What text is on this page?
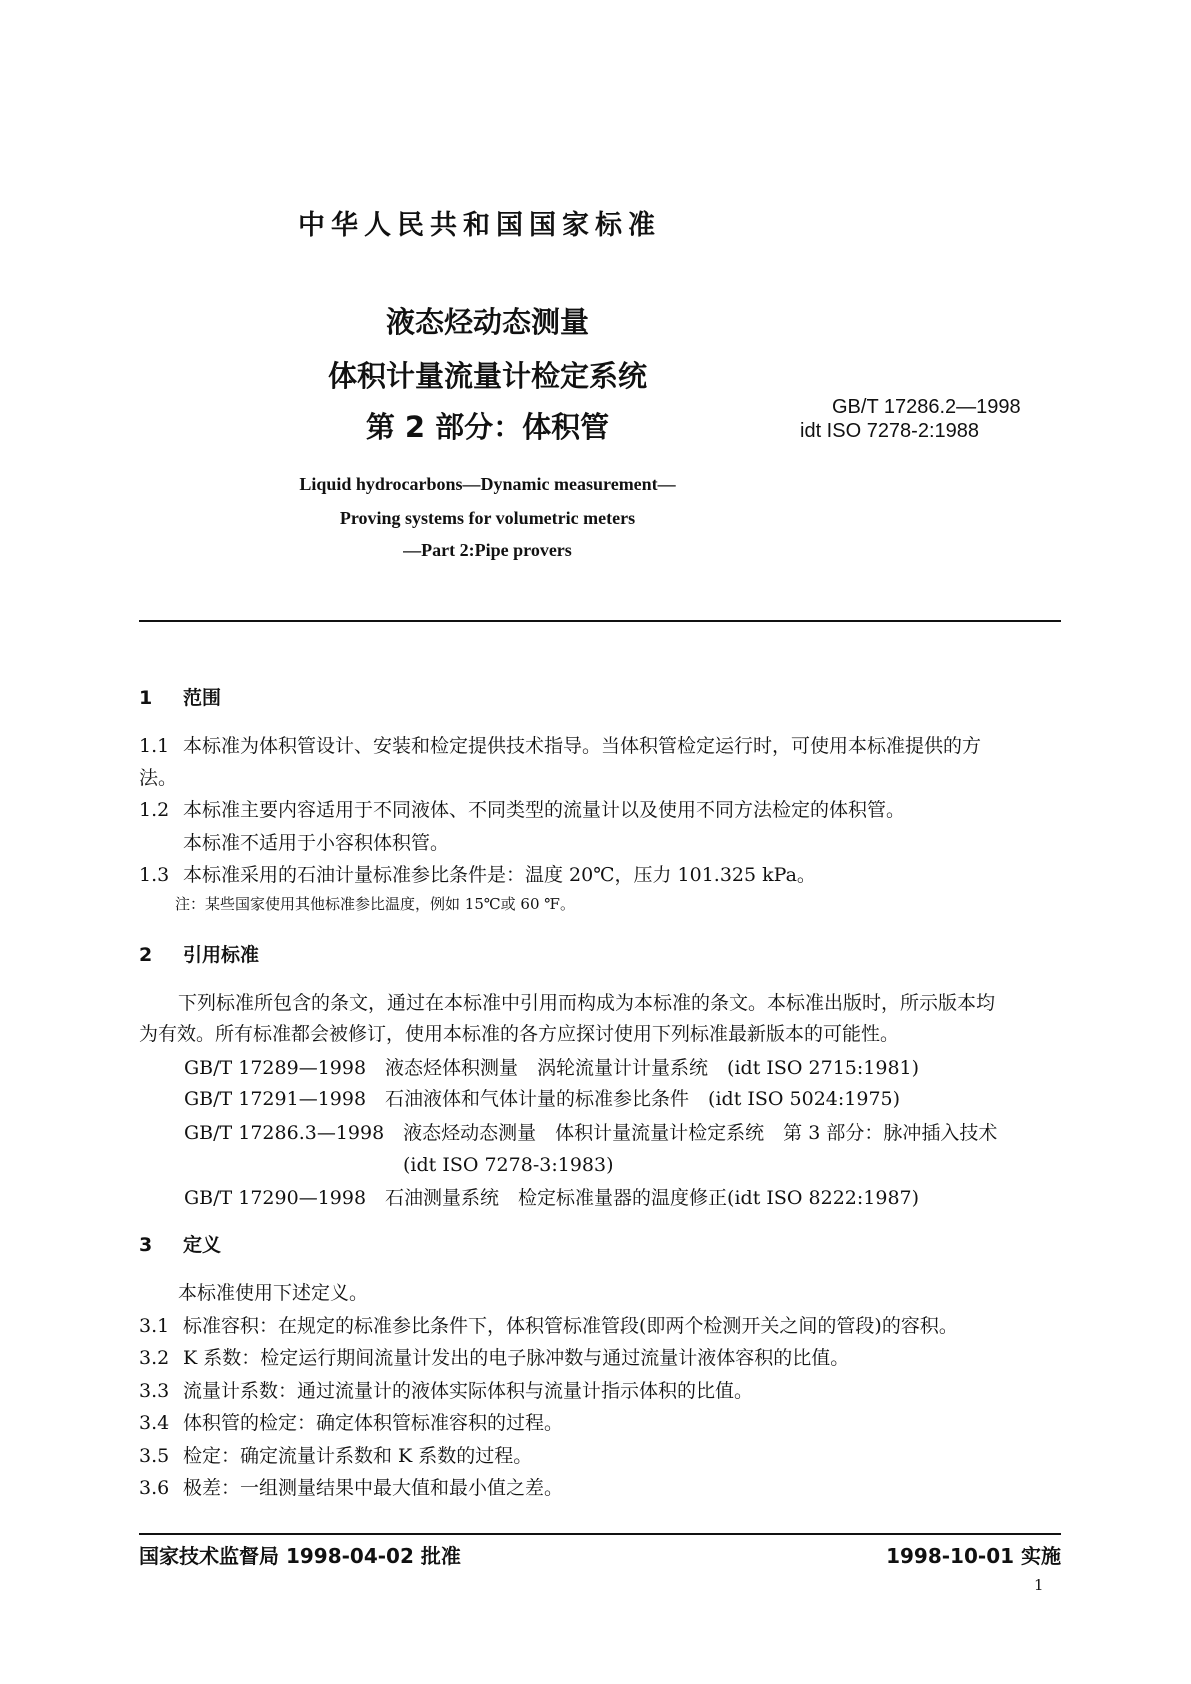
中华人民共和国国家标准
液态烃动态测量
体积计量流量计检定系统
第 2 部分：体积管
GB/T 17286.2—1998
idt ISO 7278-2:1988
Liquid hydrocarbons—Dynamic measurement—
Proving systems for volumetric meters
—Part 2:Pipe provers
1 范围
1.1 本标准为体积管设计、安装和检定提供技术指导。当体积管检定运行时，可使用本标准提供的方
法。
1.2 本标准主要内容适用于不同液体、不同类型的流量计以及使用不同方法检定的体积管。
本标准不适用于小容积体积管。
1.3 本标准采用的石油计量标准参比条件是：温度 20℃，压力 101.325 kPa。
注：某些国家使用其他标准参比温度，例如 15℃或 60 ℉。
2 引用标准
下列标准所包含的条文，通过在本标准中引用而构成为本标准的条文。本标准出版时，所示版本均
为有效。所有标准都会被修订，使用本标准的各方应探讨使用下列标准最新版本的可能性。
GB/T 17289—1998　液态烃体积测量　涡轮流量计计量系统　(idt ISO 2715:1981)
GB/T 17291—1998　石油液体和气体计量的标准参比条件　(idt ISO 5024:1975)
GB/T 17286.3—1998　液态烃动态测量　体积计量流量计检定系统　第 3 部分：脉冲插入技术
(idt ISO 7278-3:1983)
GB/T 17290—1998　石油测量系统　检定标准量器的温度修正(idt ISO 8222:1987)
3 定义
本标准使用下述定义。
3.1 标准容积：在规定的标准参比条件下，体积管标准管段(即两个检测开关之间的管段)的容积。
3.2 K 系数：检定运行期间流量计发出的电子脉冲数与通过流量计液体容积的比值。
3.3 流量计系数：通过流量计的液体实际体积与流量计指示体积的比值。
3.4 体积管的检定：确定体积管标准容积的过程。
3.5 检定：确定流量计系数和 K 系数的过程。
3.6 极差：一组测量结果中最大值和最小值之差。
国家技术监督局 1998-04-02 批准	1998-10-01 实施
1
